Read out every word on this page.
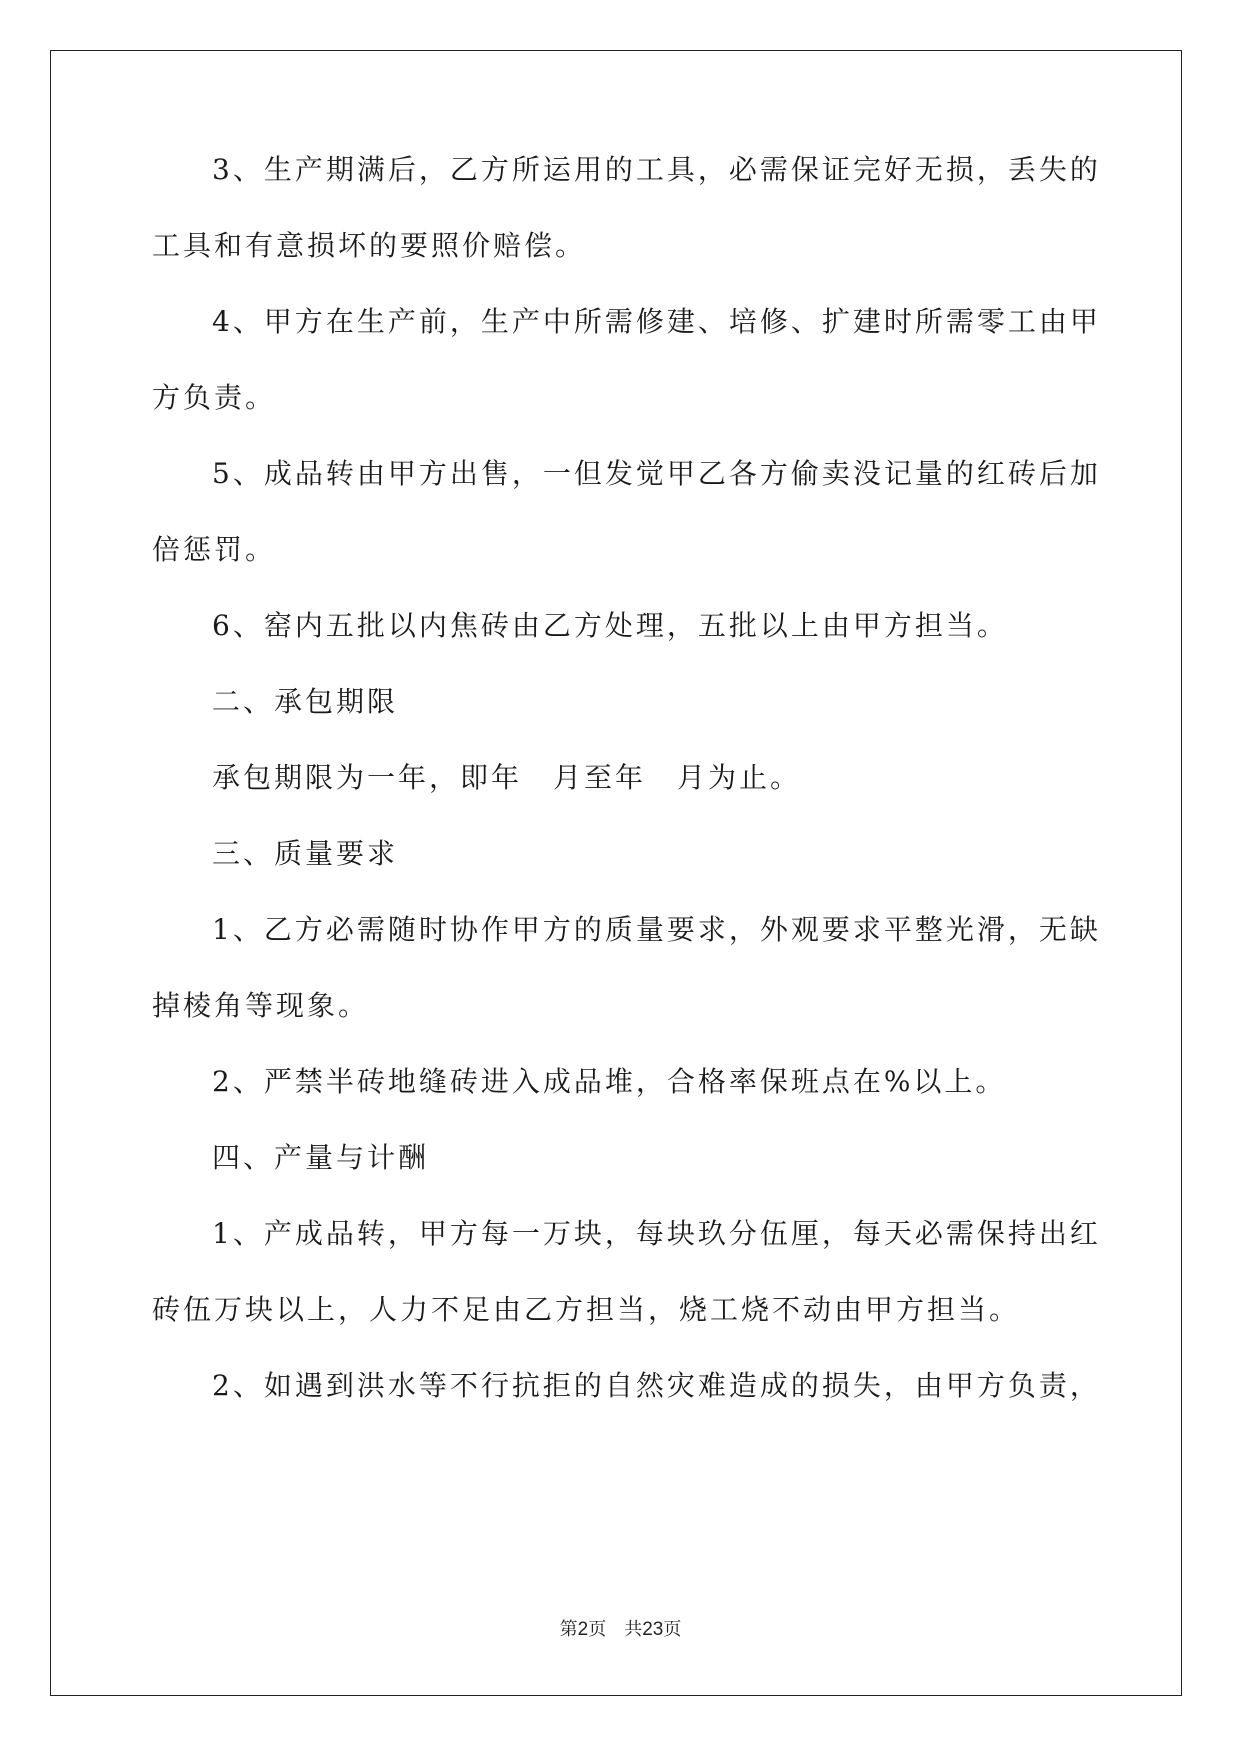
3、生产期满后，乙方所运用的工具，必需保证完好无损，丢失的
工具和有意损坏的要照价赔偿。
4、甲方在生产前，生产中所需修建、培修、扩建时所需零工由甲
方负责。
5、成品转由甲方出售，一但发觉甲乙各方偷卖没记量的红砖后加
倍惩罚。
6、窑内五批以内焦砖由乙方处理，五批以上由甲方担当。
二、承包期限
承包期限为一年，即年　月至年　月为止。
三、质量要求
1、乙方必需随时协作甲方的质量要求，外观要求平整光滑，无缺
掉棱角等现象。
2、严禁半砖地缝砖进入成品堆，合格率保班点在%以上。
四、产量与计酬
1、产成品转，甲方每一万块，每块玖分伍厘，每天必需保持出红
砖伍万块以上，人力不足由乙方担当，烧工烧不动由甲方担当。
2、如遇到洪水等不行抗拒的自然灾难造成的损失，由甲方负责，
第2页　共23页
